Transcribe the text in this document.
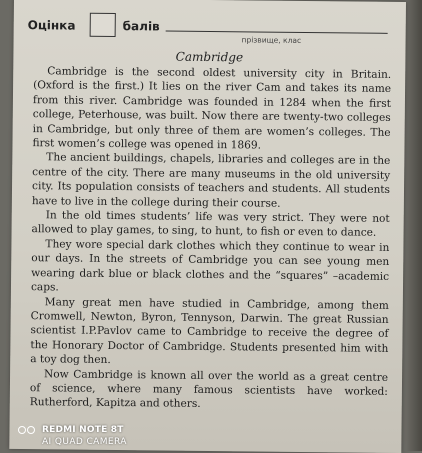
Оцінка	балів
прізвище, клас
Cambridge

Cambridge is the second oldest university city in Britain. (Oxford is the first.) It lies on the river Cam and takes its name from this river. Cambridge was founded in 1284 when the first college, Peterhouse, was built. Now there are twenty-two colleges in Cambridge, but only three of them are women’s colleges. The first women’s college was opened in 1869.

The ancient buildings, chapels, libraries and colleges are in the centre of the city. There are many museums in the old university city. Its population consists of teachers and students. All students have to live in the college during their course.

In the old times students’ life was very strict. They were not allowed to play games, to sing, to hunt, to fish or even to dance.

They wore special dark clothes which they continue to wear in our days. In the streets of Cambridge you can see young men wearing dark blue or black clothes and the “squares” –academic caps.

Many great men have studied in Cambridge, among them Cromwell, Newton, Byron, Tennyson, Darwin. The great Russian scientist I.P.Pavlov came to Cambridge to receive the degree of the Honorary Doctor of Cambridge. Students presented him with a toy dog then.

Now Cambridge is known all over the world as a great centre of science, where many famous scientists have worked: Rutherford, Kapitza and others.

REDMI NOTE 8T
AI QUAD CAMERA
